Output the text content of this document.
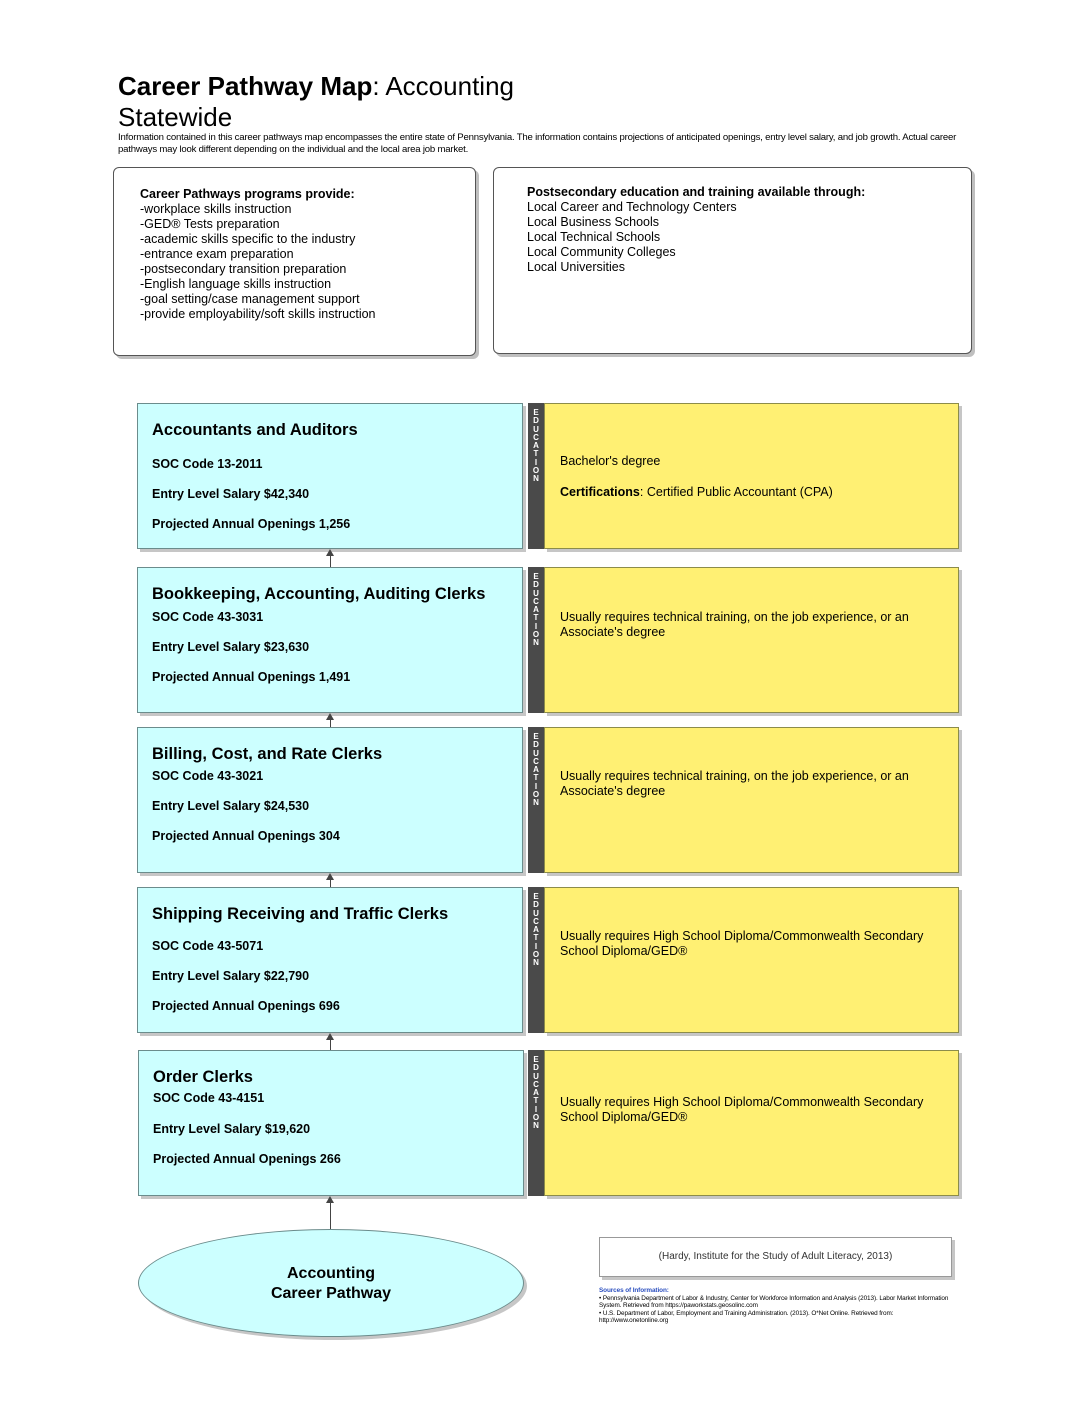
Career Pathway Map: Accounting
Statewide
Information contained in this career pathways map encompasses the entire state of Pennsylvania. The information contains projections of anticipated openings, entry level salary, and job growth. Actual career pathways may look different depending on the individual and the local area job market.
Career Pathways programs provide:
-workplace skills instruction
-GED® Tests preparation
-academic skills specific to the industry
-entrance exam preparation
-postsecondary transition preparation
-English language skills instruction
-goal setting/case management support
-provide employability/soft skills instruction
Postsecondary education and training available through:
Local Career and Technology Centers
Local Business Schools
Local Technical Schools
Local Community Colleges
Local Universities
Accountants and Auditors
SOC Code 13-2011
Entry Level Salary $42,340
Projected Annual Openings 1,256
E
D
U
C
A
T
I
O
N
Bachelor's degree
Certifications: Certified Public Accountant (CPA)
Bookkeeping, Accounting, Auditing Clerks
SOC Code 43-3031
Entry Level Salary $23,630
Projected Annual Openings 1,491
E
D
U
C
A
T
I
O
N
Usually requires technical training, on the job experience, or an Associate's degree
Billing, Cost, and Rate Clerks
SOC Code 43-3021
Entry Level Salary $24,530
Projected Annual Openings 304
E
D
U
C
A
T
I
O
N
Usually requires technical training, on the job experience, or an Associate's degree
Shipping Receiving and Traffic Clerks
SOC Code 43-5071
Entry Level Salary $22,790
Projected Annual Openings 696
E
D
U
C
A
T
I
O
N
Usually requires High School Diploma/Commonwealth Secondary School Diploma/GED®
Order Clerks
SOC Code 43-4151
Entry Level Salary $19,620
Projected Annual Openings 266
E
D
U
C
A
T
I
O
N
Usually requires High School Diploma/Commonwealth Secondary School Diploma/GED®
Accounting
Career Pathway
(Hardy, Institute for the Study of Adult Literacy, 2013)
Sources of Information:
• Pennsylvania Department of Labor & Industry, Center for Workforce Information and Analysis (2013). Labor Market Information System. Retrieved from https://paworkstats.geosolinc.com
• U.S. Department of Labor, Employment and Training Administration. (2013). O*Net Online. Retrieved from: http://www.onetonline.org
